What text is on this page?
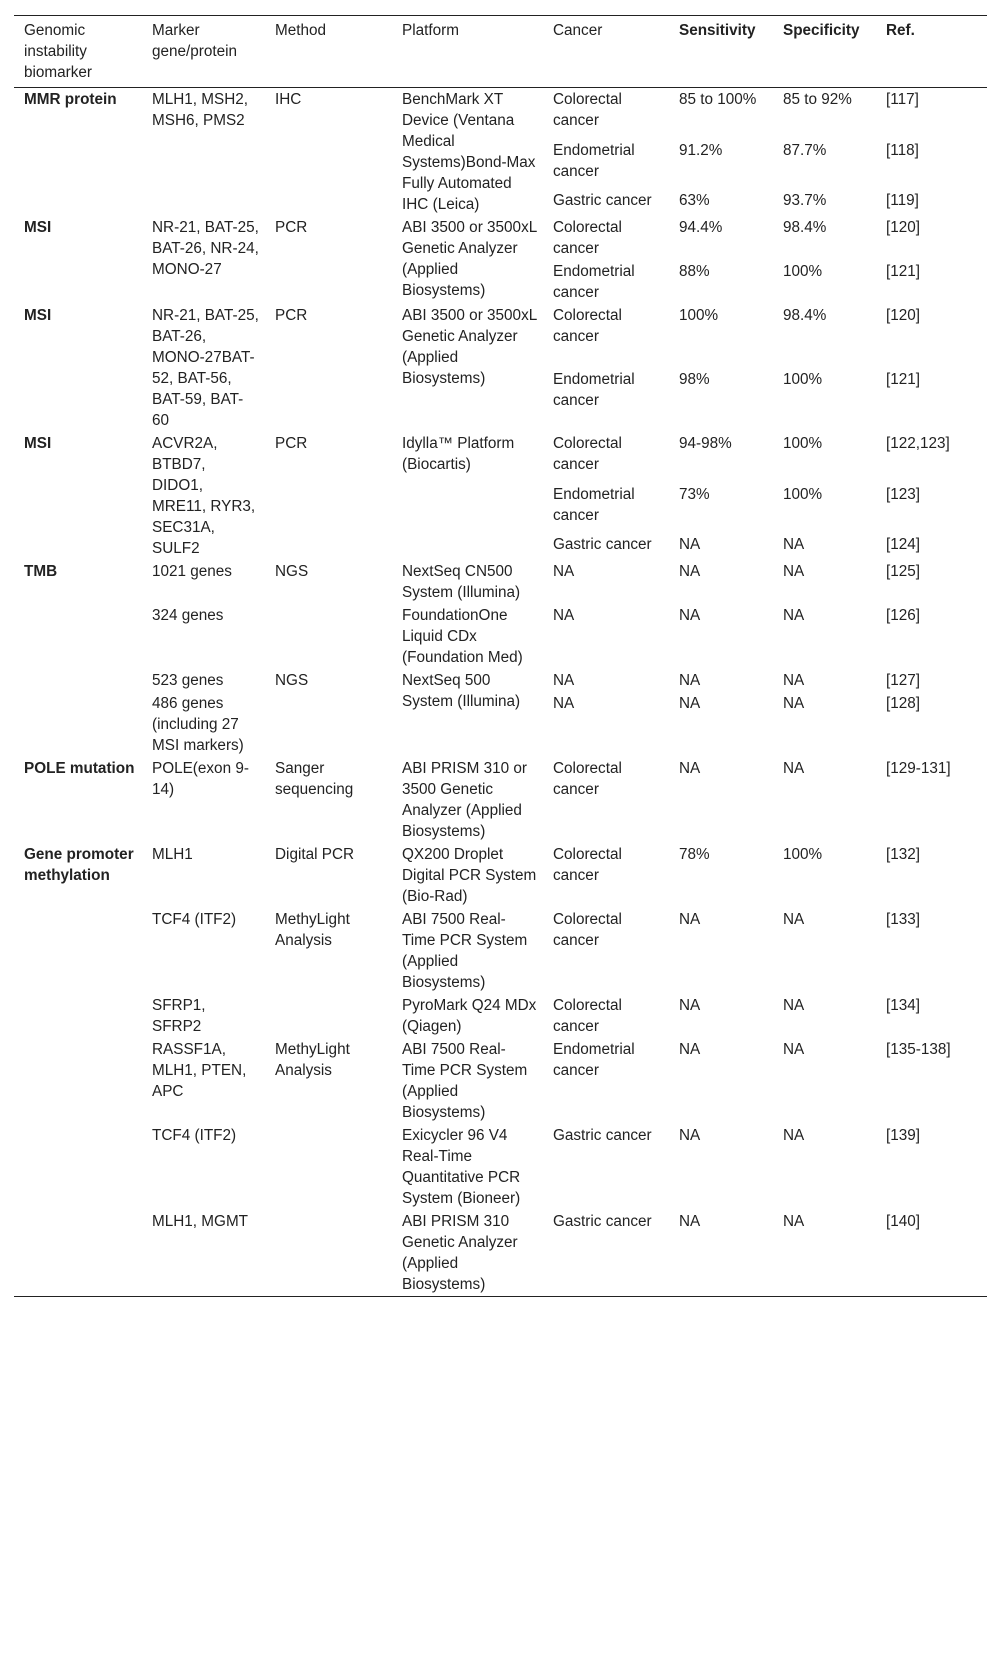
Genomic instability biomarker	Marker gene/protein	Method	Platform	Cancer	Sensitivity	Specificity	Ref.
MMR protein	MLH1, MSH2, MSH6, PMS2	IHC	BenchMark XT Device (Ventana Medical Systems)Bond-Max Fully Automated IHC (Leica)	Colorectal cancer	85 to 100%	85 to 92%	[117]
				Endometrial cancer	91.2%	87.7%	[118]
				Gastric cancer	63%	93.7%	[119]
MSI	NR-21, BAT-25, BAT-26, NR-24, MONO-27	PCR	ABI 3500 or 3500xL Genetic Analyzer (Applied Biosystems)	Colorectal cancer	94.4%	98.4%	[120]
				Endometrial cancer	88%	100%	[121]
MSI	NR-21, BAT-25, BAT-26, MONO-27BAT-52, BAT-56, BAT-59, BAT-60	PCR	ABI 3500 or 3500xL Genetic Analyzer (Applied Biosystems)	Colorectal cancer	100%	98.4%	[120]
				Endometrial cancer	98%	100%	[121]
MSI	ACVR2A, BTBD7, DIDO1, MRE11, RYR3, SEC31A, SULF2	PCR	Idylla™ Platform (Biocartis)	Colorectal cancer	94-98%	100%	[122,123]
				Endometrial cancer	73%	100%	[123]
				Gastric cancer	NA	NA	[124]
TMB	1021 genes	NGS	NextSeq CN500 System (Illumina)	NA	NA	NA	[125]
	324 genes		FoundationOne Liquid CDx (Foundation Med)	NA	NA	NA	[126]
	523 genes	NGS	NextSeq 500 System (Illumina)	NA	NA	NA	[127]
	486 genes (including 27 MSI markers)			NA	NA	NA	[128]
POLE mutation	POLE(exon 9-14)	Sanger sequencing	ABI PRISM 310 or 3500 Genetic Analyzer (Applied Biosystems)	Colorectal cancer	NA	NA	[129-131]
Gene promoter methylation	MLH1	Digital PCR	QX200 Droplet Digital PCR System (Bio-Rad)	Colorectal cancer	78%	100%	[132]
	TCF4 (ITF2)	MethyLight Analysis	ABI 7500 Real-Time PCR System (Applied Biosystems)	Colorectal cancer	NA	NA	[133]
	SFRP1, SFRP2		PyroMark Q24 MDx (Qiagen)	Colorectal cancer	NA	NA	[134]
	RASSF1A, MLH1, PTEN, APC	MethyLight Analysis	ABI 7500 Real-Time PCR System (Applied Biosystems)	Endometrial cancer	NA	NA	[135-138]
	TCF4 (ITF2)		Exicycler 96 V4 Real-Time Quantitative PCR System (Bioneer)	Gastric cancer	NA	NA	[139]
	MLH1, MGMT		ABI PRISM 310 Genetic Analyzer (Applied Biosystems)	Gastric cancer	NA	NA	[140]
